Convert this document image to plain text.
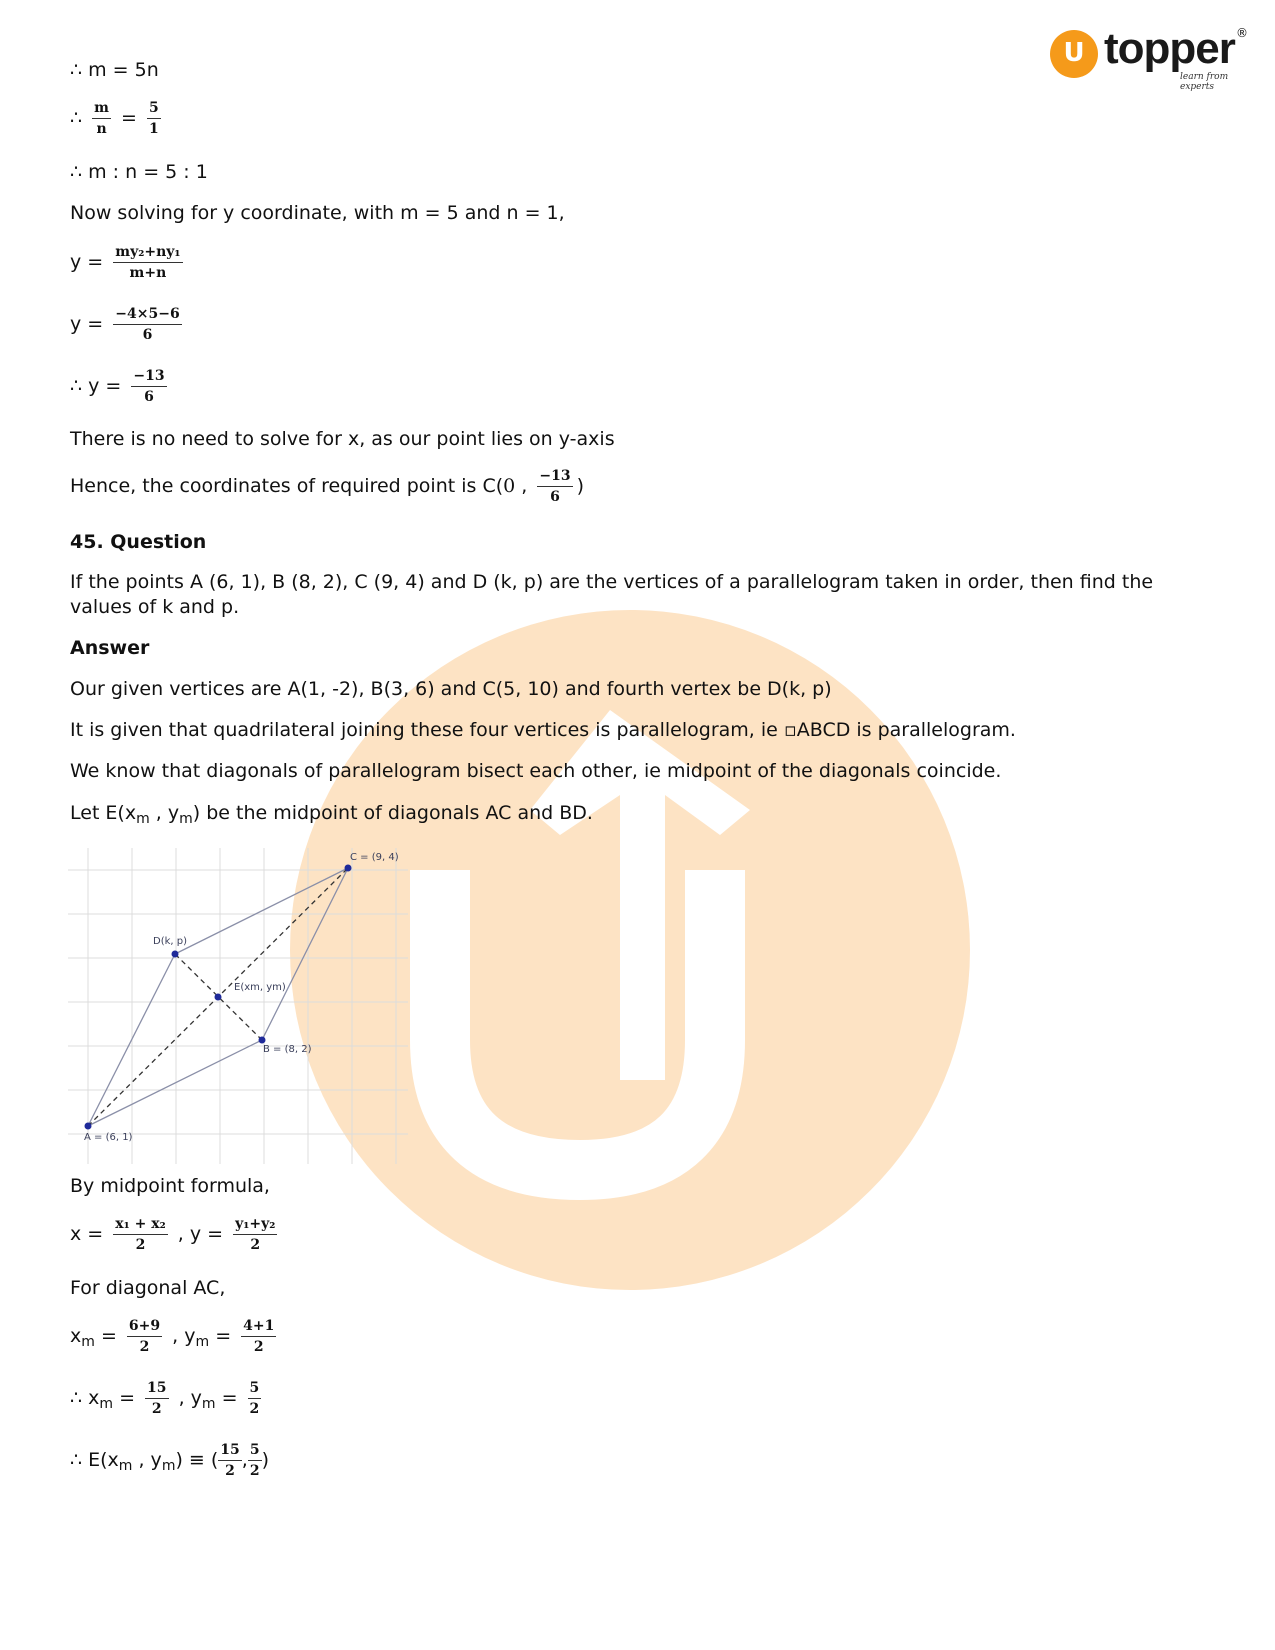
U topper ®
learn from experts
∴ m = 5n
∴ $\frac{m}{n} = \frac{5}{1}$
∴ m : n = 5 : 1
Now solving for y coordinate, with m = 5 and n = 1,
$y = \frac{\text{my₂+ny₁}}{m+n}$
$y = \frac{-4\times 5-6}{6}$
∴ $y = \frac{-13}{6}$
There is no need to solve for x, as our point lies on y-axis
Hence, the coordinates of required point is C(0 , $\frac{-13}{6}$ )
45. Question
If the points A (6, 1), B (8, 2), C (9, 4) and D (k, p) are the vertices of a parallelogram taken in order, then find the values of k and p.
Answer
Our given vertices are A(1, -2), B(3, 6) and C(5, 10) and fourth vertex be D(k, p)
It is given that quadrilateral joining these four vertices is parallelogram, ie ▫ABCD is parallelogram.
We know that diagonals of parallelogram bisect each other, ie midpoint of the diagonals coincide.
Let $E(x_m$ , $y_m$) be the midpoint of diagonals AC and BD.
By midpoint formula,
$x = \frac{\text{x₁ + x₂}}{2}$ , $y = \frac{\text{y₁+y₂}}{2}$
For diagonal AC,
$x_m = \frac{6+9}{2}$ , $y_m = \frac{4+1}{2}$
∴ $x_m = \frac{15}{2}$ , $y_m = \frac{5}{2}$
∴ $E(x_m$ , $y_m$) ≡ ( $\frac{15}{2}$ , $\frac{5}{2}$ )
C = (9, 4)
D(k, p)
E(xm, ym)
B = (8, 2)
A = (6, 1)
